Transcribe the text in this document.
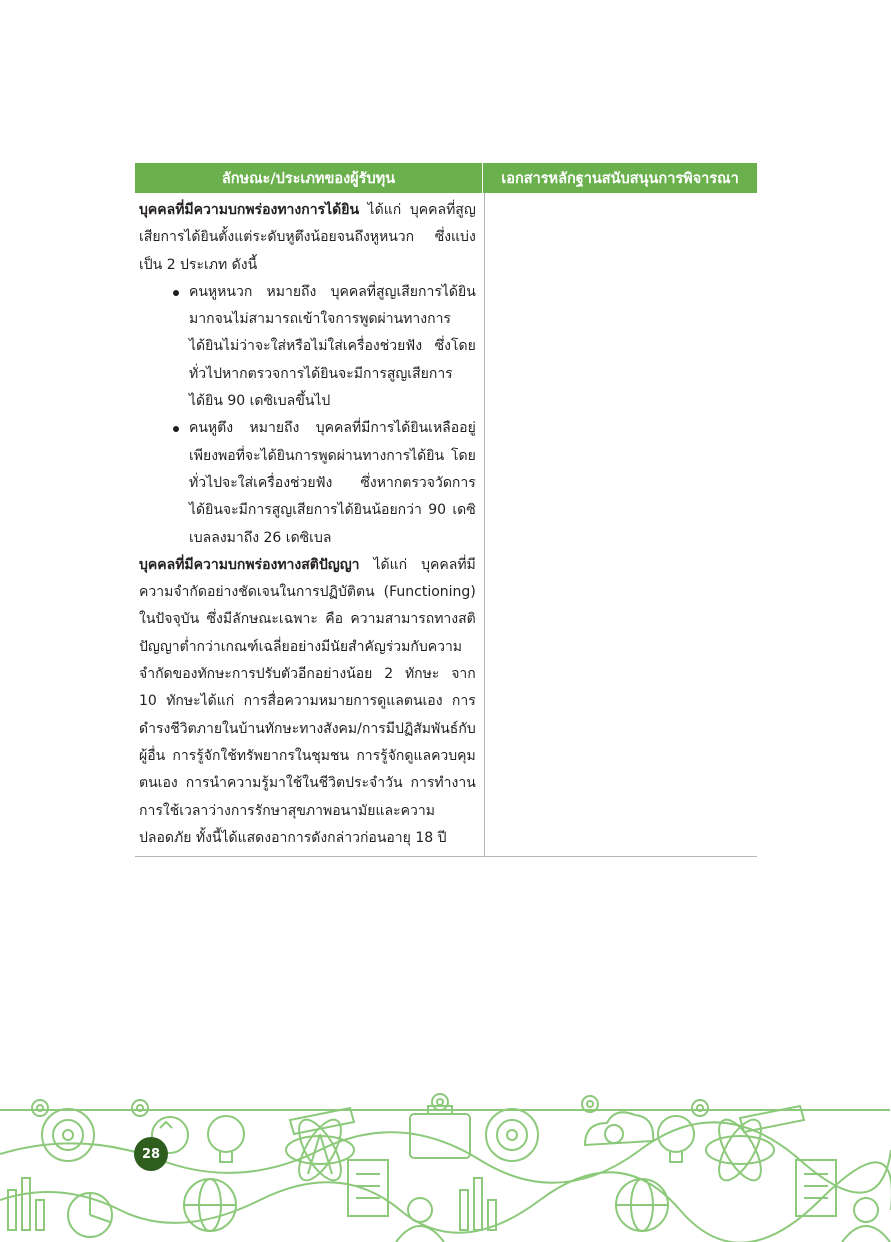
ลักษณะ/ประเภทของผู้รับทุน	เอกสารหลักฐานสนับสนุนการพิจารณา

บุคคลที่มีความบกพร่องทางการได้ยิน ได้แก่ บุคคลที่สูญเสียการได้ยินตั้งแต่ระดับหูตึงน้อยจนถึงหูหนวก ซึ่งแบ่งเป็น 2 ประเภท ดังนี้

คนหูหนวก หมายถึง บุคคลที่สูญเสียการได้ยินมากจนไม่สามารถเข้าใจการพูดผ่านทางการได้ยินไม่ว่าจะใส่หรือไม่ใส่เครื่องช่วยฟัง ซึ่งโดยทั่วไปหากตรวจการได้ยินจะมีการสูญเสียการได้ยิน 90 เดซิเบลขึ้นไป
คนหูตึง หมายถึง บุคคลที่มีการได้ยินเหลืออยู่เพียงพอที่จะได้ยินการพูดผ่านทางการได้ยิน โดยทั่วไปจะใส่เครื่องช่วยฟัง ซึ่งหากตรวจวัดการได้ยินจะมีการสูญเสียการได้ยินน้อยกว่า 90 เดซิเบลลงมาถึง 26 เดซิเบล

บุคคลที่มีความบกพร่องทางสติปัญญา ได้แก่ บุคคลที่มีความจำกัดอย่างชัดเจนในการปฏิบัติตน (Functioning) ในปัจจุบัน ซึ่งมีลักษณะเฉพาะ คือ ความสามารถทางสติปัญญาต่ำกว่าเกณฑ์เฉลี่ยอย่างมีนัยสำคัญร่วมกับความจำกัดของทักษะการปรับตัวอีกอย่างน้อย 2 ทักษะ จาก 10 ทักษะได้แก่ การสื่อความหมายการดูแลตนเอง การดำรงชีวิตภายในบ้านทักษะทางสังคม/การมีปฏิสัมพันธ์กับผู้อื่น การรู้จักใช้ทรัพยากรในชุมชน การรู้จักดูแลควบคุมตนเอง การนำความรู้มาใช้ในชีวิตประจำวัน การทำงาน การใช้เวลาว่างการรักษาสุขภาพอนามัยและความปลอดภัย ทั้งนี้ได้แสดงอาการดังกล่าวก่อนอายุ 18 ปี

28
